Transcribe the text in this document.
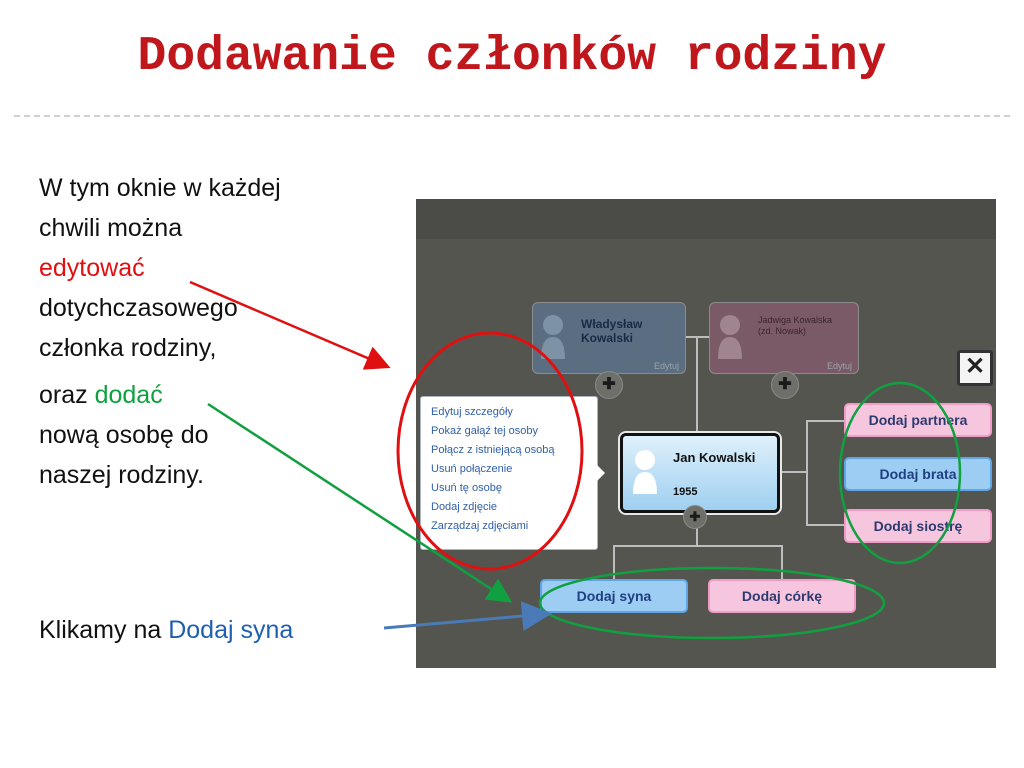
Dodawanie członków rodziny
W tym oknie w każdej
chwili można
edytować
dotychczasowego
członka rodziny,
oraz dodać
nową osobę do
naszej rodziny.
Klikamy na Dodaj syna
Władysław Kowalski
Edytuj
✚
Jadwiga Kowalska (zd. Nowak)
Edytuj
✚
✕
Edytuj szczegóły
Pokaż gałąź tej osoby
Połącz z istniejącą osobą
Usuń połączenie
Usuń tę osobę
Dodaj zdjęcie
Zarządzaj zdjęciami
Jan Kowalski
1955
✚
Dodaj partnera
Dodaj brata
Dodaj siostrę
Dodaj syna	Dodaj córkę
